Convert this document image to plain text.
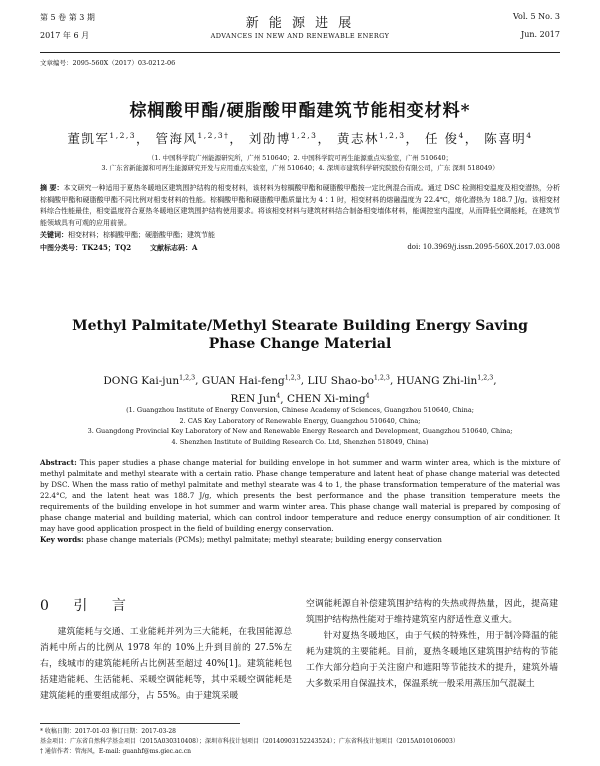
第 5 卷 第 3 期
2017 年 6 月
新 能 源 进 展
ADVANCES IN NEW AND RENEWABLE ENERGY
Vol. 5 No. 3
Jun. 2017
文章编号：2095-560X（2017）03-0212-06
棕榈酸甲酯/硬脂酸甲酯建筑节能相变材料*
董凯军$^{1,2,3}$， 管海风$^{1,2,3\dagger}$， 刘劭博$^{1,2,3}$， 黄志林$^{1,2,3}$， 任 俊$^4$， 陈喜明$^4$
（1. 中国科学院广州能源研究所，广州 510640；2. 中国科学院可再生能源重点实验室，广州 510640；
3. 广东省新能源和可再生能源研究开发与应用重点实验室，广州 510640；4. 深圳市建筑科学研究院股份有限公司，广东 深圳 518049）
摘 要：本文研究一种适用于夏热冬暖地区建筑围护结构的相变材料，该材料为棕榈酸甲酯和硬脂酸甲酯按一定比例混合而成。通过 DSC 检测相变温度及相变潜热，分析棕榈酸甲酯和硬脂酸甲酯不同比例对相变材料的性能。棕榈酸甲酯和硬脂酸甲酯质量比为 4∶1 时，相变材料的熔融温度为 22.4℃，熔化潜热为 188.7 J/g。该相变材料综合性能最佳，相变温度符合夏热冬暖地区建筑围护结构使用要求。将该相变材料与建筑材料结合制备相变墙体材料，能调控室内温度，从而降低空调能耗，在建筑节能领域具有可观的应用前景。
关键词：相变材料；棕榈酸甲酯；硬脂酸甲酯；建筑节能
中图分类号：TK245；TQ2	文献标志码：A	doi: 10.3969/j.issn.2095-560X.2017.03.008
Methyl Palmitate/Methyl Stearate Building Energy Saving
Phase Change Material
DONG Kai-jun$^{1,2,3}$, GUAN Hai-feng$^{1,2,3}$, LIU Shao-bo$^{1,2,3}$, HUANG Zhi-lin$^{1,2,3}$,
REN Jun$^4$, CHEN Xi-ming$^4$
(1. Guangzhou Institute of Energy Conversion, Chinese Academy of Sciences, Guangzhou 510640, China;
2. CAS Key Laboratory of Renewable Energy, Guangzhou 510640, China;
3. Guangdong Provincial Key Laboratory of New and Renewable Energy Research and Development, Guangzhou 510640, China;
4. Shenzhen Institute of Building Research Co. Ltd, Shenzhen 518049, China)
Abstract: This paper studies a phase change material for building envelope in hot summer and warm winter area, which is the mixture of methyl palmitate and methyl stearate with a certain ratio. Phase change temperature and latent heat of phase change material was detected by DSC. When the mass ratio of methyl palmitate and methyl stearate was 4 to 1, the phase transformation temperature of the material was 22.4°C, and the latent heat was 188.7 J/g, which presents the best performance and the phase transition temperature meets the requirements of the building envelope in hot summer and warm winter area. This phase change wall material is prepared by composing of phase change material and building material, which can control indoor temperature and reduce energy consumption of air conditioner. It may have good application prospect in the field of building energy conservation.
Key words: phase change materials (PCMs); methyl palmitate; methyl stearate; building energy conservation
0 引 言
建筑能耗与交通、工业能耗并列为三大能耗，在我国能源总消耗中所占的比例从 1978 年的 10%上升到目前的 27.5%左右，线城市的建筑能耗所占比例甚至超过 40%[1]。建筑能耗包括建造能耗、生活能耗、采暖空调能耗等，其中采暖空调能耗是建筑能耗的重要组成部分，占 55%。由于建筑采暖
空调能耗源自补偿建筑围护结构的失热或得热量，因此，提高建筑围护结构热性能对于维持建筑室内舒适性意义重大。
针对夏热冬暖地区，由于气候的特殊性，用于制冷降温的能耗为建筑的主要能耗。目前，夏热冬暖地区建筑围护结构的节能工作大部分趋向于关注窗户和遮阳等节能技术的提升，建筑外墙大多数采用自保温技术，保温系统一般采用蒸压加气混凝土
* 收稿日期：2017-01-03 修订日期：2017-03-28
基金项目：广东省自然科学基金项目（2015A030310408）；深圳市科技计划项目（20140903152243524）；广东省科技计划项目（2015A010106003）
† 通信作者：管海风，E-mail: guanhf@ms.giec.ac.cn
